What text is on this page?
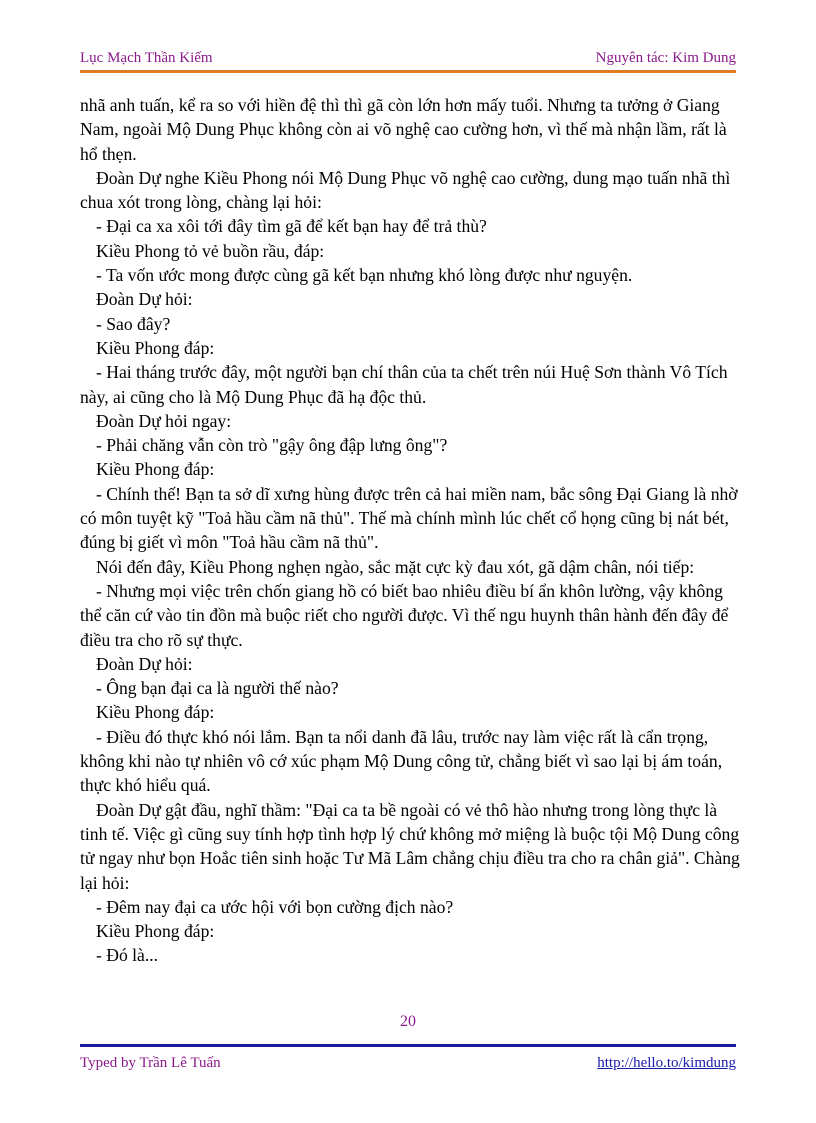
Lục Mạch Thần Kiếm	Nguyên tác: Kim Dung

nhã anh tuấn, kể ra so với hiền đệ thì thì gã còn lớn hơn mấy tuổi. Nhưng ta tưởng ở Giang Nam, ngoài Mộ Dung Phục không còn ai võ nghệ cao cường hơn, vì thế mà nhận lầm, rất là hổ thẹn.

Đoàn Dự nghe Kiều Phong nói Mộ Dung Phục võ nghệ cao cường, dung mạo tuấn nhã thì chua xót trong lòng, chàng lại hỏi:

- Đại ca xa xôi tới đây tìm gã để kết bạn hay để trả thù?

Kiều Phong tỏ vẻ buồn rầu, đáp:

- Ta vốn ước mong được cùng gã kết bạn nhưng khó lòng được như nguyện.

Đoàn Dự hỏi:

- Sao đây?

Kiều Phong đáp:

- Hai tháng trước đây, một người bạn chí thân của ta chết trên núi Huệ Sơn thành Vô Tích này, ai cũng cho là Mộ Dung Phục đã hạ độc thủ.

Đoàn Dự hỏi ngay:

- Phải chăng vẫn còn trò "gậy ông đập lưng ông"?

Kiều Phong đáp:

- Chính thế! Bạn ta sở dĩ xưng hùng được trên cả hai miền nam, bắc sông Đại Giang là nhờ có môn tuyệt kỹ "Toả hầu cầm nã thủ". Thế mà chính mình lúc chết cổ họng cũng bị nát bét, đúng bị giết vì môn "Toả hầu cầm nã thủ".

Nói đến đây, Kiều Phong nghẹn ngào, sắc mặt cực kỳ đau xót, gã dậm chân, nói tiếp:

- Nhưng mọi việc trên chốn giang hồ có biết bao nhiêu điều bí ẩn khôn lường, vậy không thể căn cứ vào tin đồn mà buộc riết cho người được. Vì thế ngu huynh thân hành đến đây để điều tra cho rõ sự thực.

Đoàn Dự hỏi:

- Ông bạn đại ca là người thế nào?

Kiều Phong đáp:

- Điều đó thực khó nói lắm. Bạn ta nổi danh đã lâu, trước nay làm việc rất là cẩn trọng, không khi nào tự nhiên vô cớ xúc phạm Mộ Dung công tử, chẳng biết vì sao lại bị ám toán, thực khó hiểu quá.

Đoàn Dự gật đầu, nghĩ thầm: "Đại ca ta bề ngoài có vẻ thô hào nhưng trong lòng thực là tinh tế. Việc gì cũng suy tính hợp tình hợp lý chứ không mở miệng là buộc tội Mộ Dung công tử ngay như bọn Hoắc tiên sinh hoặc Tư Mã Lâm chẳng chịu điều tra cho ra chân giả". Chàng lại hỏi:

- Đêm nay đại ca ước hội với bọn cường địch nào?

Kiều Phong đáp:

- Đó là...

20
Typed by Trần Lê Tuấn	http://hello.to/kimdung
